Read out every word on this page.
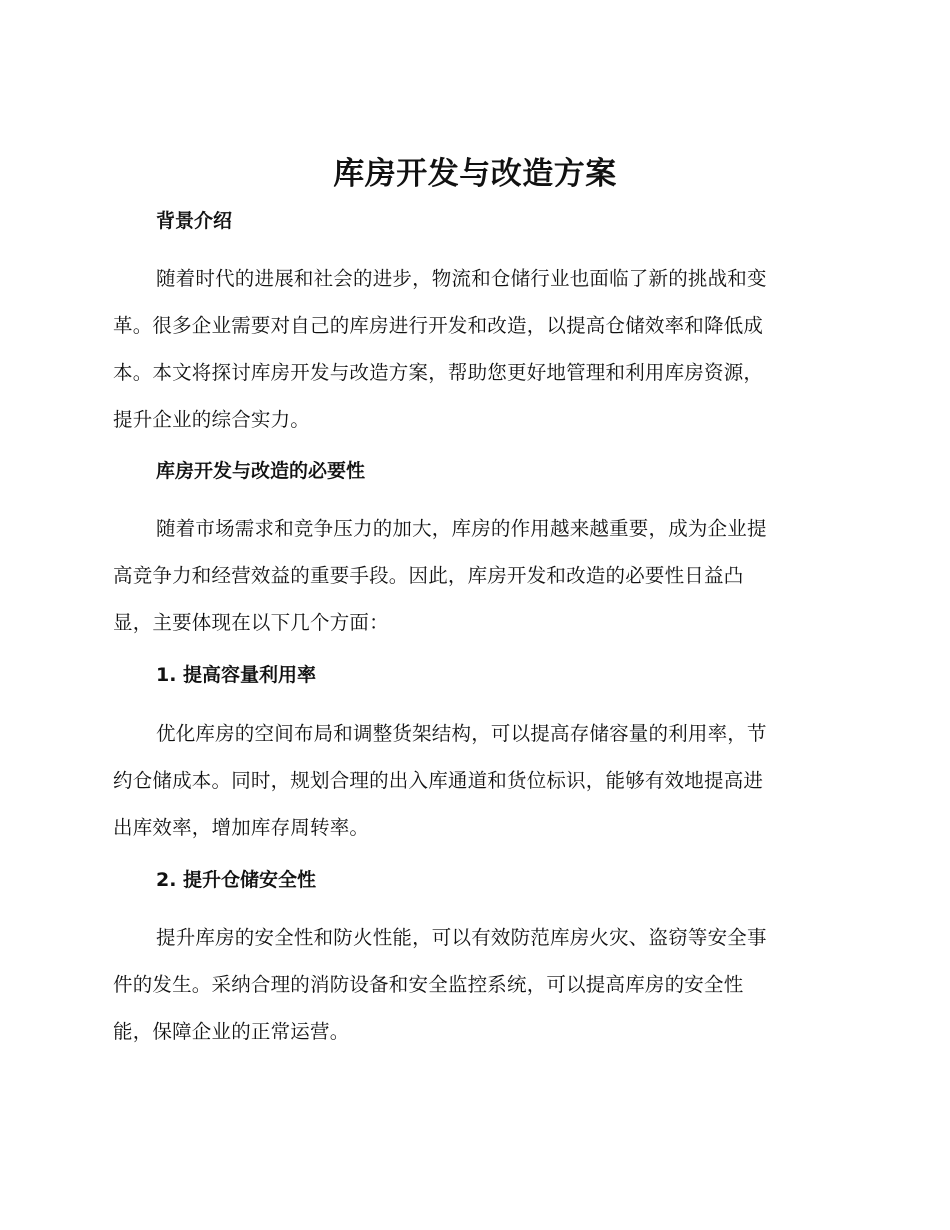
库房开发与改造方案
背景介绍
随着时代的进展和社会的进步，物流和仓储行业也面临了新的挑战和变
革。很多企业需要对自己的库房进行开发和改造，以提高仓储效率和降低成
本。本文将探讨库房开发与改造方案，帮助您更好地管理和利用库房资源，
提升企业的综合实力。
库房开发与改造的必要性
随着市场需求和竞争压力的加大，库房的作用越来越重要，成为企业提
高竞争力和经营效益的重要手段。因此，库房开发和改造的必要性日益凸
显，主要体现在以下几个方面：
1. 提高容量利用率
优化库房的空间布局和调整货架结构，可以提高存储容量的利用率，节
约仓储成本。同时，规划合理的出入库通道和货位标识，能够有效地提高进
出库效率，增加库存周转率。
2. 提升仓储安全性
提升库房的安全性和防火性能，可以有效防范库房火灾、盗窃等安全事
件的发生。采纳合理的消防设备和安全监控系统，可以提高库房的安全性
能，保障企业的正常运营。
